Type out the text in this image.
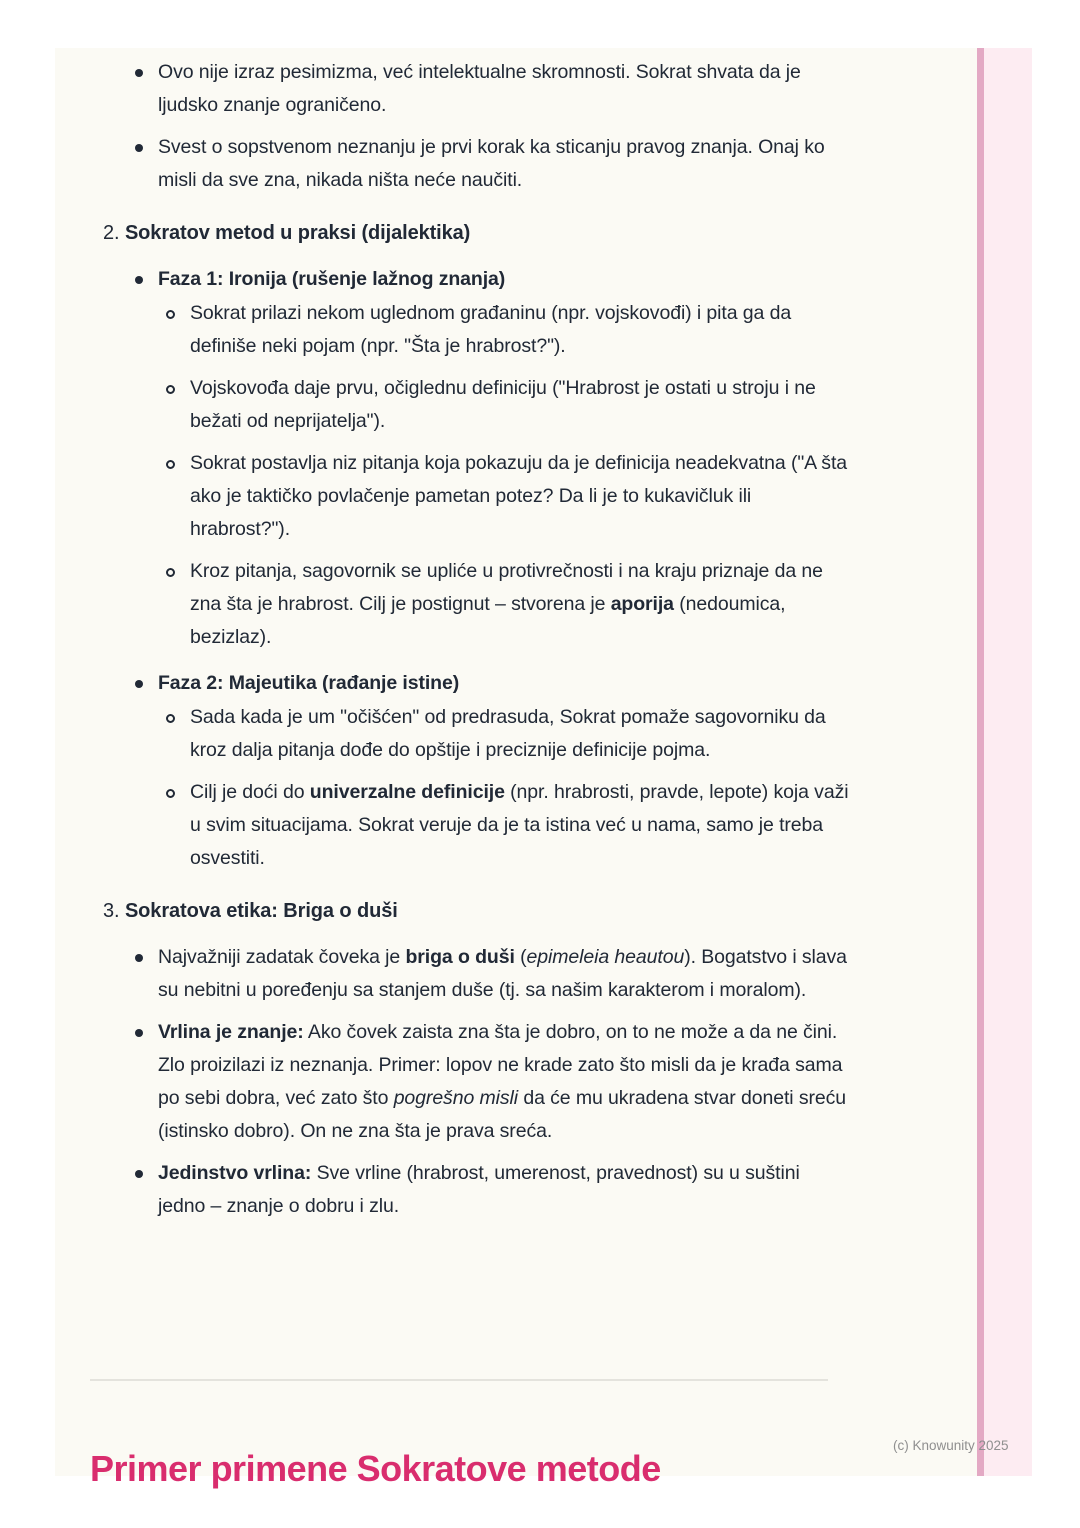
Ovo nije izraz pesimizma, već intelektualne skromnosti. Sokrat shvata da je ljudsko znanje ograničeno.
Svest o sopstvenom neznanju je prvi korak ka sticanju pravog znanja. Onaj ko misli da sve zna, nikada ništa neće naučiti.
2. Sokratov metod u praksi (dijalektika)
Faza 1: Ironija (rušenje lažnog znanja)
Sokrat prilazi nekom uglednom građaninu (npr. vojskovođi) i pita ga da definiše neki pojam (npr. "Šta je hrabrost?").
Vojskovođa daje prvu, očiglednu definiciju ("Hrabrost je ostati u stroju i ne bežati od neprijatelja").
Sokrat postavlja niz pitanja koja pokazuju da je definicija neadekvatna ("A šta ako je taktičko povlačenje pametan potez? Da li je to kukavičluk ili hrabrost?").
Kroz pitanja, sagovornik se upliće u protivrečnosti i na kraju priznaje da ne zna šta je hrabrost. Cilj je postignut – stvorena je aporija (nedoumica, bezizlaz).
Faza 2: Majeutika (rađanje istine)
Sada kada je um "očišćen" od predrasuda, Sokrat pomaže sagovorniku da kroz dalja pitanja dođe do opštije i preciznije definicije pojma.
Cilj je doći do univerzalne definicije (npr. hrabrosti, pravde, lepote) koja važi u svim situacijama. Sokrat veruje da je ta istina već u nama, samo je treba osvestiti.
3. Sokratova etika: Briga o duši
Najvažniji zadatak čoveka je briga o duši (epimeleia heautou). Bogatstvo i slava su nebitni u poređenju sa stanjem duše (tj. sa našim karakterom i moralom).
Vrlina je znanje: Ako čovek zaista zna šta je dobro, on to ne može a da ne čini. Zlo proizilazi iz neznanja. Primer: lopov ne krade zato što misli da je krađa sama po sebi dobra, već zato što pogrešno misli da će mu ukradena stvar doneti sreću (istinsko dobro). On ne zna šta je prava sreća.
Jedinstvo vrlina: Sve vrline (hrabrost, umerenost, pravednost) su u suštini jedno – znanje o dobru i zlu.
Primer primene Sokratove metode
(c) Knowunity 2025
